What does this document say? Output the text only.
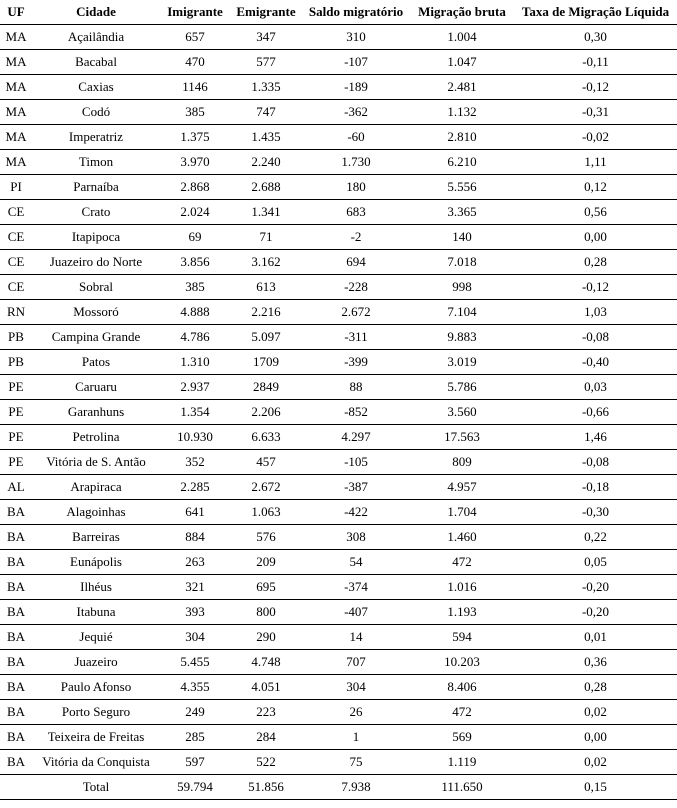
UF	Cidade	Imigrante	Emigrante	Saldo migratório	Migração bruta	Taxa de Migração Líquida
MA	Açailândia	657	347	310	1.004	0,30
MA	Bacabal	470	577	-107	1.047	-0,11
MA	Caxias	1146	1.335	-189	2.481	-0,12
MA	Codó	385	747	-362	1.132	-0,31
MA	Imperatriz	1.375	1.435	-60	2.810	-0,02
MA	Timon	3.970	2.240	1.730	6.210	1,11
PI	Parnaíba	2.868	2.688	180	5.556	0,12
CE	Crato	2.024	1.341	683	3.365	0,56
CE	Itapipoca	69	71	-2	140	0,00
CE	Juazeiro do Norte	3.856	3.162	694	7.018	0,28
CE	Sobral	385	613	-228	998	-0,12
RN	Mossoró	4.888	2.216	2.672	7.104	1,03
PB	Campina Grande	4.786	5.097	-311	9.883	-0,08
PB	Patos	1.310	1709	-399	3.019	-0,40
PE	Caruaru	2.937	2849	88	5.786	0,03
PE	Garanhuns	1.354	2.206	-852	3.560	-0,66
PE	Petrolina	10.930	6.633	4.297	17.563	1,46
PE	Vitória de S. Antão	352	457	-105	809	-0,08
AL	Arapiraca	2.285	2.672	-387	4.957	-0,18
BA	Alagoinhas	641	1.063	-422	1.704	-0,30
BA	Barreiras	884	576	308	1.460	0,22
BA	Eunápolis	263	209	54	472	0,05
BA	Ilhéus	321	695	-374	1.016	-0,20
BA	Itabuna	393	800	-407	1.193	-0,20
BA	Jequié	304	290	14	594	0,01
BA	Juazeiro	5.455	4.748	707	10.203	0,36
BA	Paulo Afonso	4.355	4.051	304	8.406	0,28
BA	Porto Seguro	249	223	26	472	0,02
BA	Teixeira de Freitas	285	284	1	569	0,00
BA	Vitória da Conquista	597	522	75	1.119	0,02
	Total	59.794	51.856	7.938	111.650	0,15
